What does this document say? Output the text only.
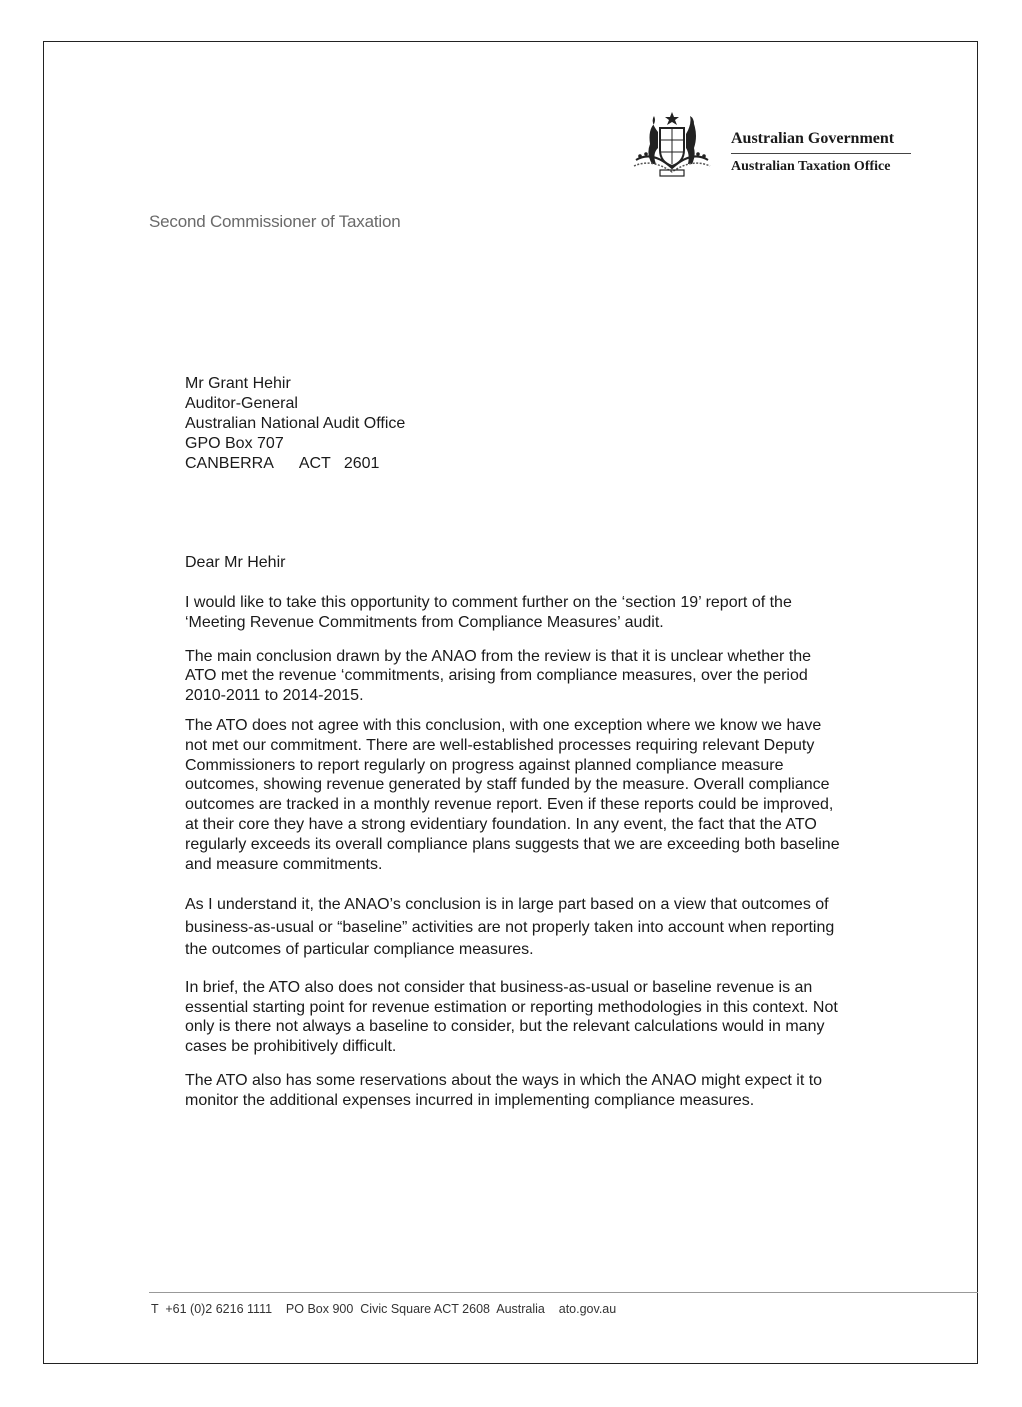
Australian Government
Australian Taxation Office
Second Commissioner of Taxation
Mr Grant Hehir
Auditor-General
Australian National Audit Office
GPO Box 707
CANBERRA      ACT   2601
Dear Mr Hehir

I would like to take this opportunity to comment further on the ‘section 19’ report of the ‘Meeting Revenue Commitments from Compliance Measures’ audit.

The main conclusion drawn by the ANAO from the review is that it is unclear whether the ATO met the revenue ‘commitments, arising from compliance measures, over the period 2010-2011 to 2014-2015.

The ATO does not agree with this conclusion, with one exception where we know we have not met our commitment. There are well-established processes requiring relevant Deputy Commissioners to report regularly on progress against planned compliance measure outcomes, showing revenue generated by staff funded by the measure. Overall compliance outcomes are tracked in a monthly revenue report. Even if these reports could be improved, at their core they have a strong evidentiary foundation. In any event, the fact that the ATO regularly exceeds its overall compliance plans suggests that we are exceeding both baseline and measure commitments.

As I understand it, the ANAO’s conclusion is in large part based on a view that outcomes of business-as-usual or “baseline” activities are not properly taken into account when reporting the outcomes of particular compliance measures.

In brief, the ATO also does not consider that business-as-usual or baseline revenue is an essential starting point for revenue estimation or reporting methodologies in this context. Not only is there not always a baseline to consider, but the relevant calculations would in many cases be prohibitively difficult.

The ATO also has some reservations about the ways in which the ANAO might expect it to monitor the additional expenses incurred in implementing compliance measures.

T  +61 (0)2 6216 1111    PO Box 900  Civic Square ACT 2608  Australia    ato.gov.au
